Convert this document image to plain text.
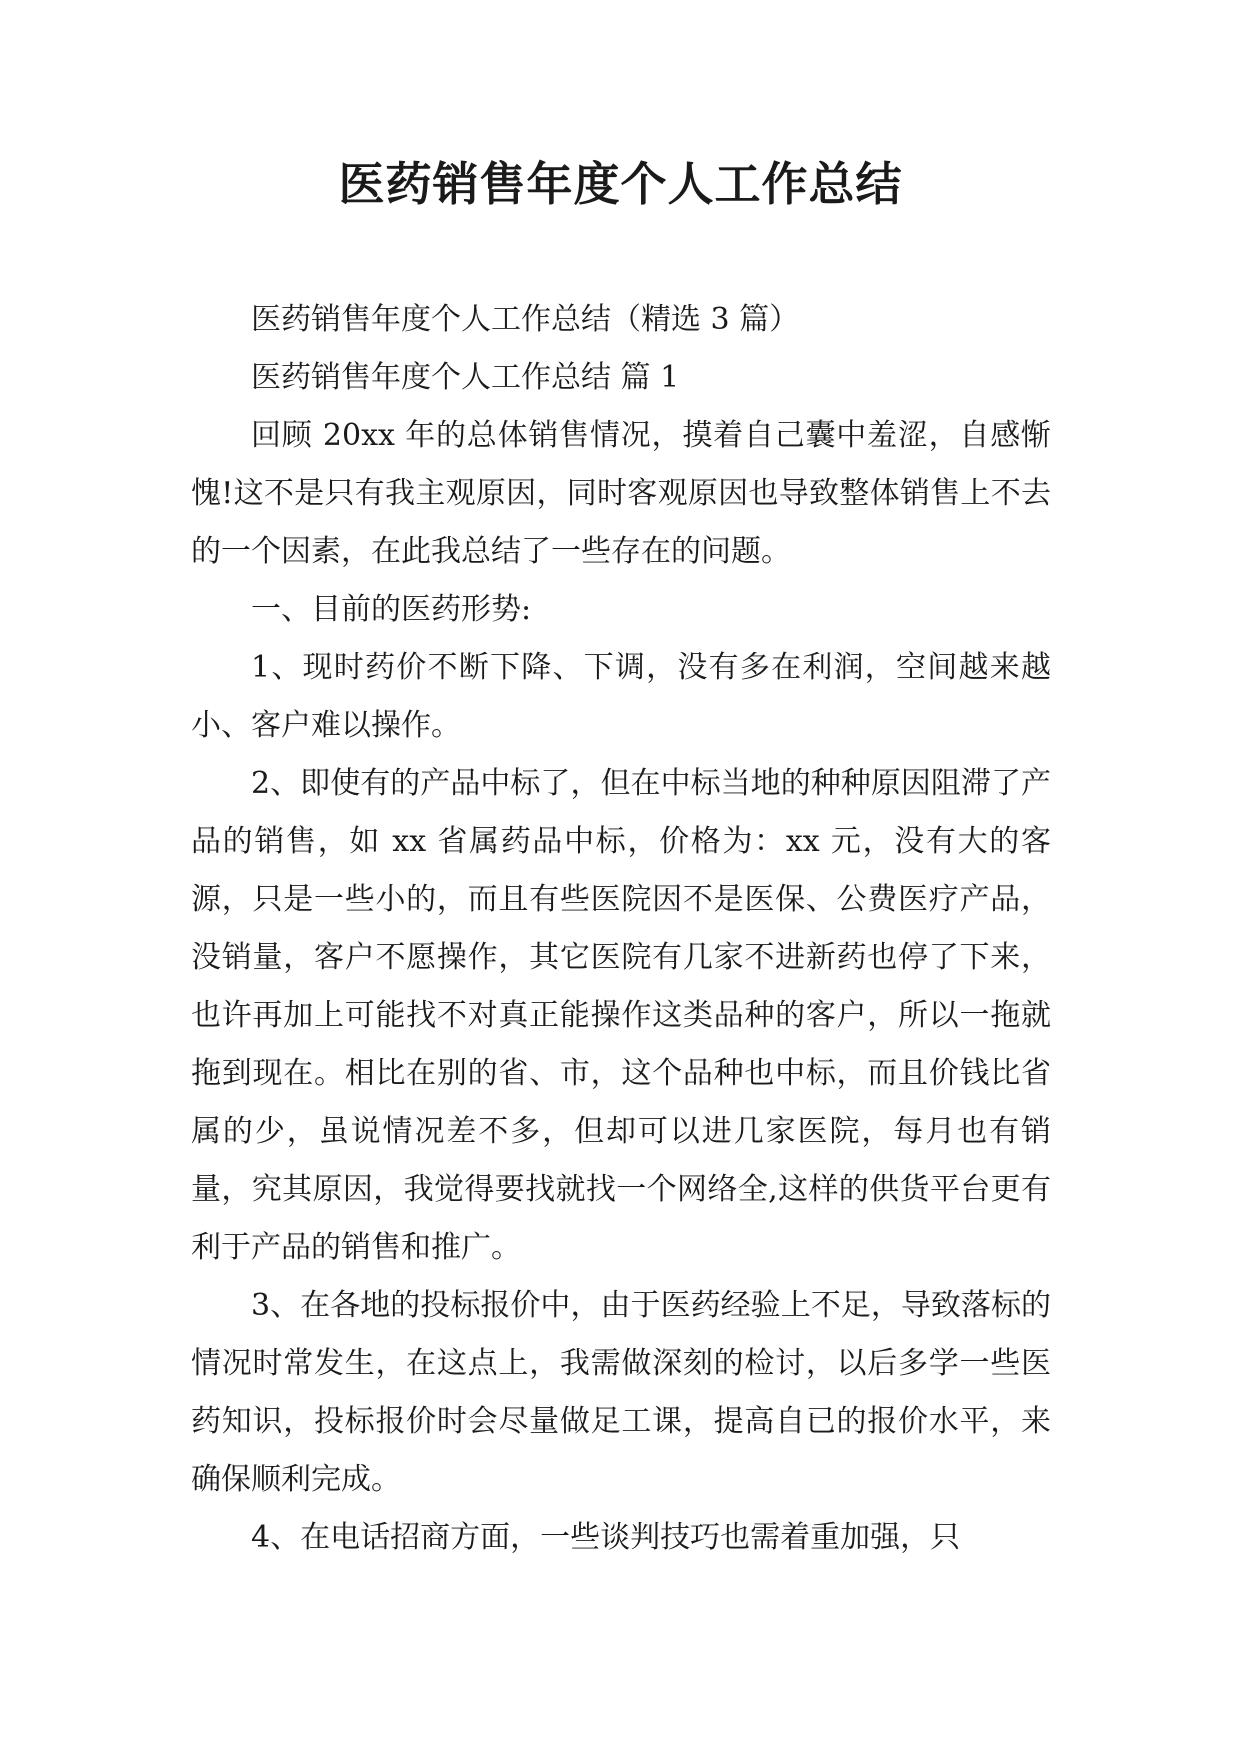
医药销售年度个人工作总结

医药销售年度个人工作总结（精选 3 篇）

医药销售年度个人工作总结 篇 1

回顾 20xx 年的总体销售情况，摸着自己囊中羞涩，自感惭愧!这不是只有我主观原因，同时客观原因也导致整体销售上不去的一个因素，在此我总结了一些存在的问题。

一、目前的医药形势:

1、现时药价不断下降、下调，没有多在利润，空间越来越小、客户难以操作。

2、即使有的产品中标了，但在中标当地的种种原因阻滞了产品的销售，如 xx 省属药品中标，价格为：xx 元，没有大的客源，只是一些小的，而且有些医院因不是医保、公费医疗产品，没销量，客户不愿操作，其它医院有几家不进新药也停了下来，也许再加上可能找不对真正能操作这类品种的客户，所以一拖就拖到现在。相比在别的省、市，这个品种也中标，而且价钱比省属的少，虽说情况差不多，但却可以进几家医院，每月也有销量，究其原因，我觉得要找就找一个网络全,这样的供货平台更有利于产品的销售和推广。

3、在各地的投标报价中，由于医药经验上不足，导致落标的情况时常发生，在这点上，我需做深刻的检讨，以后多学一些医药知识，投标报价时会尽量做足工课，提高自已的报价水平，来确保顺利完成。

4、在电话招商方面，一些谈判技巧也需着重加强，只
